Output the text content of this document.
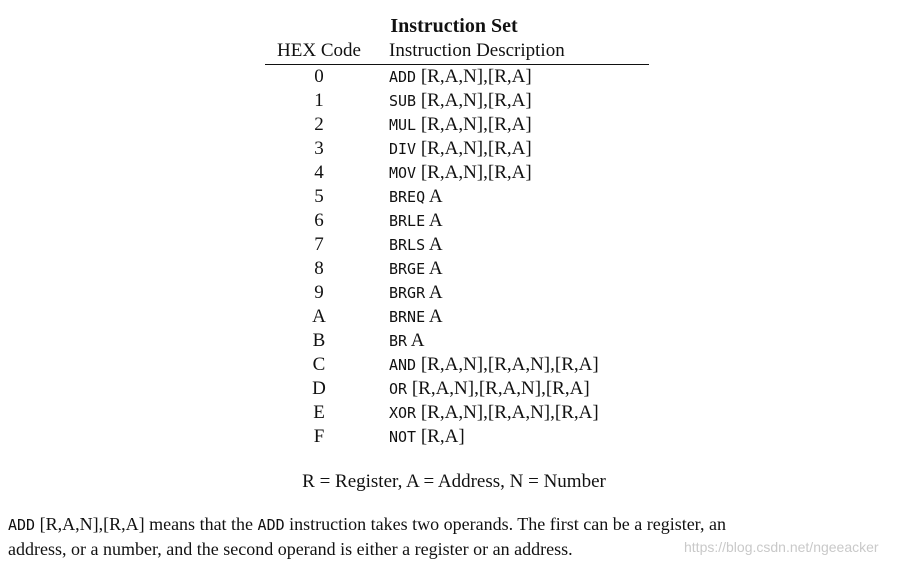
Instruction Set
HEX Code	Instruction Description
0	ADD [R,A,N],[R,A]
1	SUB [R,A,N],[R,A]
2	MUL [R,A,N],[R,A]
3	DIV [R,A,N],[R,A]
4	MOV [R,A,N],[R,A]
5	BREQ A
6	BRLE A
7	BRLS A
8	BRGE A
9	BRGR A
A	BRNE A
B	BR A
C	AND [R,A,N],[R,A,N],[R,A]
D	OR [R,A,N],[R,A,N],[R,A]
E	XOR [R,A,N],[R,A,N],[R,A]
F	NOT [R,A]
R = Register, A = Address, N = Number
ADD [R,A,N],[R,A] means that the ADD instruction takes two operands. The first can be a register, an
address, or a number, and the second operand is either a register or an address.	https://blog.csdn.net/ngeeacker
